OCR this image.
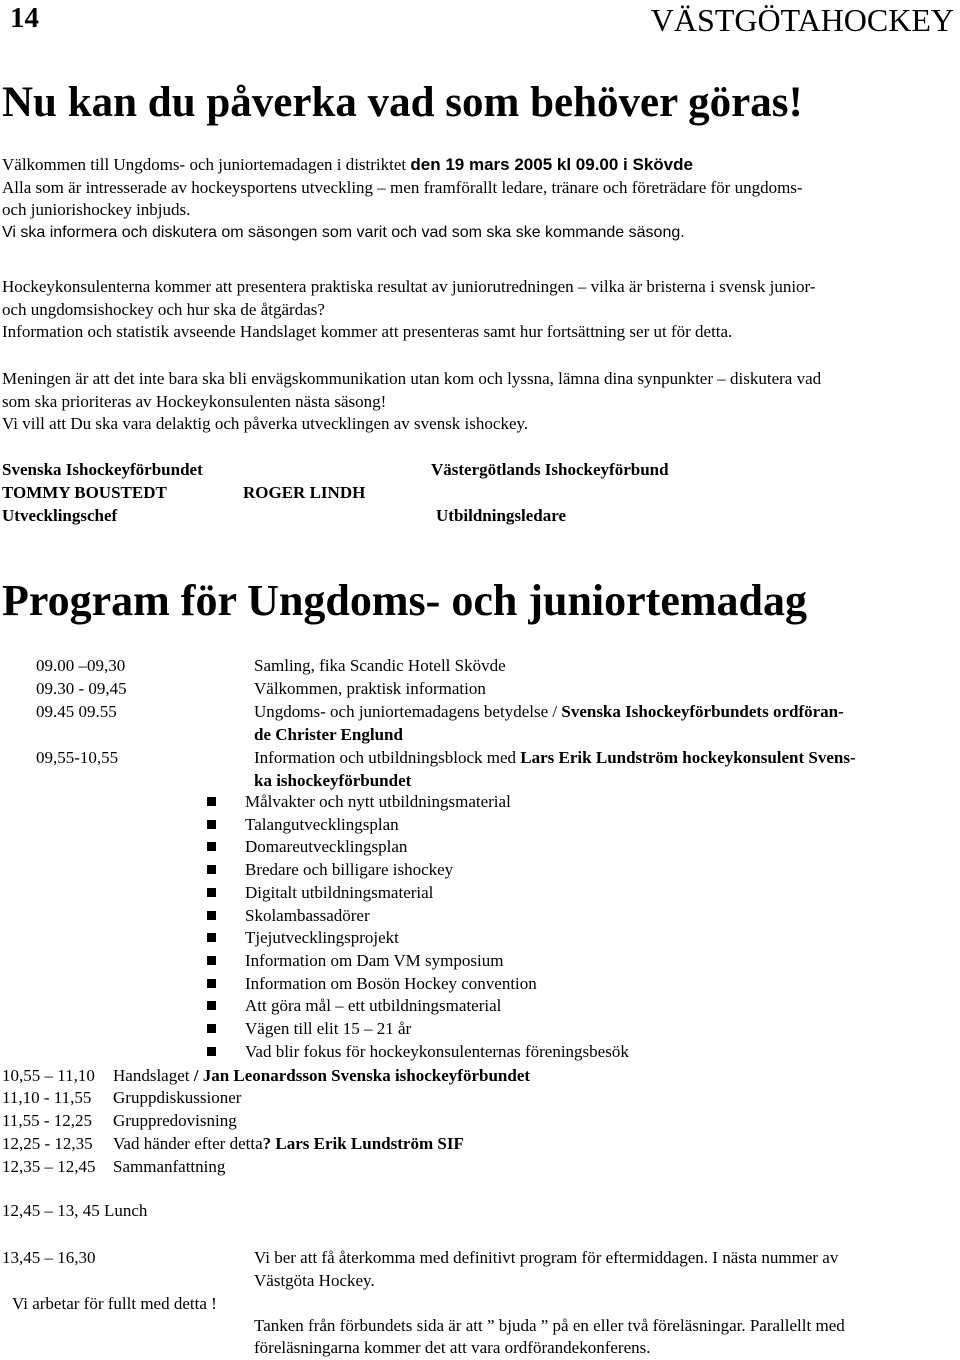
14	VÄSTGÖTAHOCKEY
Nu kan du påverka vad som behöver göras!

Välkommen till Ungdoms- och juniortemadagen i distriktet den 19 mars 2005 kl 09.00 i Skövde

Alla som är intresserade av hockeysportens utveckling – men framförallt ledare, tränare och företrädare för ungdoms-

och juniorishockey inbjuds.

Vi ska informera och diskutera om säsongen som varit och vad som ska ske kommande säsong.

Hockeykonsulenterna kommer att presentera praktiska resultat av juniorutredningen – vilka är bristerna i svensk junior-

och ungdomsishockey och hur ska de åtgärdas?

Information och statistik avseende Handslaget kommer att presenteras samt hur fortsättning ser ut för detta.

Meningen är att det inte bara ska bli envägskommunikation utan kom och lyssna, lämna dina synpunkter – diskutera vad

som ska prioriteras av Hockeykonsulenten nästa säsong!

Vi vill att Du ska vara delaktig och påverka utvecklingen av svensk ishockey.

Svenska Ishockeyförbundet	Västergötlands Ishockeyförbund
TOMMY BOUSTEDT	ROGER LINDH
Utvecklingschef	Utbildningsledare
Program för Ungdoms- och juniortemadag
09.00 –09,30	Samling, fika Scandic Hotell Skövde
09.30 - 09,45	Välkommen, praktisk information
09.45 09.55	Ungdoms- och juniortemadagens betydelse / Svenska Ishockeyförbundets ordföran-
de Christer Englund
09,55-10,55	Information och utbildningsblock med Lars Erik Lundström hockeykonsulent Svens-
ka ishockeyförbundet
Målvakter och nytt utbildningsmaterial
Talangutvecklingsplan
Domareutvecklingsplan
Bredare och billigare ishockey
Digitalt utbildningsmaterial
Skolambassadörer
Tjejutvecklingsprojekt
Information om Dam VM symposium
Information om Bosön Hockey convention
Att göra mål – ett utbildningsmaterial
Vägen till elit 15 – 21 år
Vad blir fokus för hockeykonsulenternas föreningsbesök
10,55 – 11,10 Handslaget / Jan Leonardsson Svenska ishockeyförbundet
11,10 - 11,55 Gruppdiskussioner
11,55 - 12,25 Gruppredovisning
12,25 - 12,35 Vad händer efter detta? Lars Erik Lundström SIF
12,35 – 12,45 Sammanfattning
12,45 – 13, 45 Lunch
13,45 – 16,30	Vi ber att få återkomma med definitivt program för eftermiddagen. I nästa nummer av
Västgöta Hockey.
Vi arbetar för fullt med detta !
Tanken från förbundets sida är att ” bjuda ” på en eller två föreläsningar. Parallellt med
föreläsningarna kommer det att vara ordförandekonferens.
